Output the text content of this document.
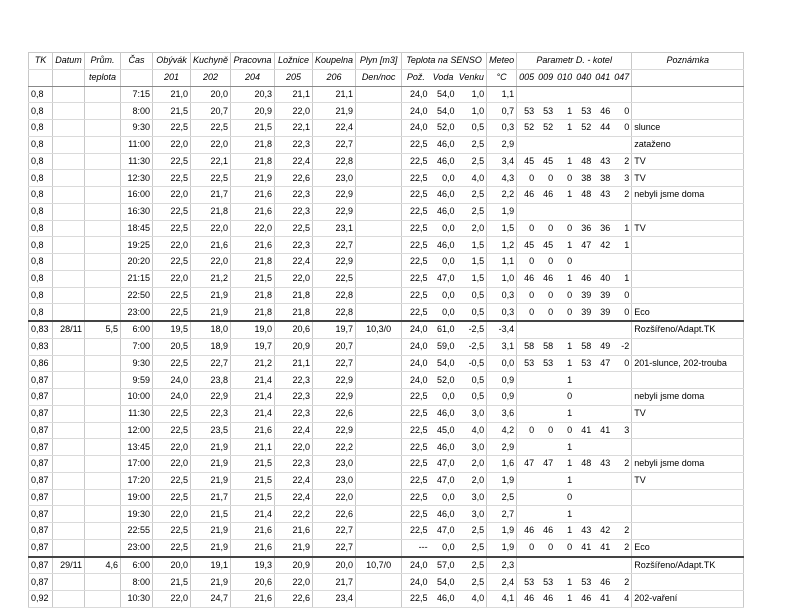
TK	Datum	Prům.	Čas	Obývák	Kuchyně	Pracovna	Ložnice	Koupelna	Plyn [m3]	Teplota na SENSO			Meteo	Parametr D. - kotel						Poznámka
		teplota		201	202	204	205	206	Den/noc	Pož.	Voda	Venku	°C	005	009	010	040	041	047	
0,8			7:15	21,0	20,0	20,3	21,1	21,1		24,0	54,0	1,0	1,1							
0,8			8:00	21,5	20,7	20,9	22,0	21,9		24,0	54,0	1,0	0,7	53	53	1	53	46	0	
0,8			9:30	22,5	22,5	21,5	22,1	22,4		24,0	52,0	0,5	0,3	52	52	1	52	44	0	slunce
0,8			11:00	22,0	22,0	21,8	22,3	22,7		22,5	46,0	2,5	2,9							zataženo
0,8			11:30	22,5	22,1	21,8	22,4	22,8		22,5	46,0	2,5	3,4	45	45	1	48	43	2	TV
0,8			12:30	22,5	22,5	21,9	22,6	23,0		22,5	0,0	4,0	4,3	0	0	0	38	38	3	TV
0,8			16:00	22,0	21,7	21,6	22,3	22,9		22,5	46,0	2,5	2,2	46	46	1	48	43	2	nebyli jsme doma
0,8			16:30	22,5	21,8	21,6	22,3	22,9		22,5	46,0	2,5	1,9							
0,8			18:45	22,5	22,0	22,0	22,5	23,1		22,5	0,0	2,0	1,5	0	0	0	36	36	1	TV
0,8			19:25	22,0	21,6	21,6	22,3	22,7		22,5	46,0	1,5	1,2	45	45	1	47	42	1	
0,8			20:20	22,5	22,0	21,8	22,4	22,9		22,5	0,0	1,5	1,1	0	0	0				
0,8			21:15	22,0	21,2	21,5	22,0	22,5		22,5	47,0	1,5	1,0	46	46	1	46	40	1	
0,8			22:50	22,5	21,9	21,8	21,8	22,8		22,5	0,0	0,5	0,3	0	0	0	39	39	0	
0,8			23:00	22,5	21,9	21,8	21,8	22,8		22,5	0,0	0,5	0,3	0	0	0	39	39	0	Eco
0,83	28/11	5,5	6:00	19,5	18,0	19,0	20,6	19,7	10,3/0	24,0	61,0	-2,5	-3,4							Rozšířeno/Adapt.TK
0,83			7:00	20,5	18,9	19,7	20,9	20,7		24,0	59,0	-2,5	3,1	58	58	1	58	49	-2	
0,86			9:30	22,5	22,7	21,2	21,1	22,7		24,0	54,0	-0,5	0,0	53	53	1	53	47	0	201-slunce, 202-trouba
0,87			9:59	24,0	23,8	21,4	22,3	22,9		24,0	52,0	0,5	0,9			1				
0,87			10:00	24,0	22,9	21,4	22,3	22,9		22,5	0,0	0,5	0,9			0				nebyli jsme doma
0,87			11:30	22,5	22,3	21,4	22,3	22,6		22,5	46,0	3,0	3,6			1				TV
0,87			12:00	22,5	23,5	21,6	22,4	22,9		22,5	45,0	4,0	4,2	0	0	0	41	41	3	
0,87			13:45	22,0	21,9	21,1	22,0	22,2		22,5	46,0	3,0	2,9			1				
0,87			17:00	22,0	21,9	21,5	22,3	23,0		22,5	47,0	2,0	1,6	47	47	1	48	43	2	nebyli jsme doma
0,87			17:20	22,5	21,9	21,5	22,4	23,0		22,5	47,0	2,0	1,9			1				TV
0,87			19:00	22,5	21,7	21,5	22,4	22,0		22,5	0,0	3,0	2,5			0				
0,87			19:30	22,0	21,5	21,4	22,2	22,6		22,5	46,0	3,0	2,7			1				
0,87			22:55	22,5	21,9	21,6	21,6	22,7		22,5	47,0	2,5	1,9	46	46	1	43	42	2	
0,87			23:00	22,5	21,9	21,6	21,9	22,7		---	0,0	2,5	1,9	0	0	0	41	41	2	Eco
0,87	29/11	4,6	6:00	20,0	19,1	19,3	20,9	20,0	10,7/0	24,0	57,0	2,5	2,3							Rozšířeno/Adapt.TK
0,87			8:00	21,5	21,9	20,6	22,0	21,7		24,0	54,0	2,5	2,4	53	53	1	53	46	2	
0,92			10:30	22,0	24,7	21,6	22,6	23,4		22,5	46,0	4,0	4,1	46	46	1	46	41	4	202-vaření
